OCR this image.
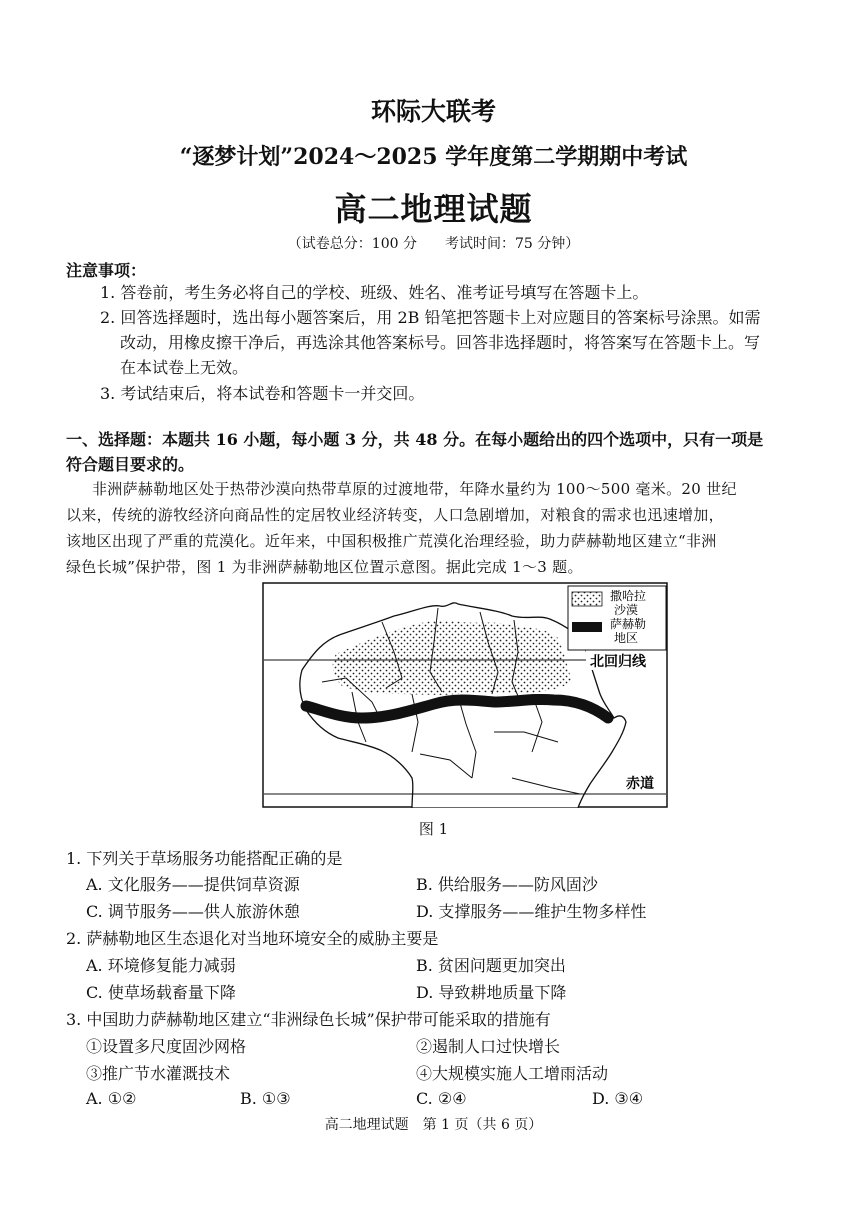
环际大联考
“逐梦计划”2024～2025 学年度第二学期期中考试
高二地理试题
（试卷总分：100 分　　考试时间：75 分钟）
注意事项：
1. 答卷前，考生务必将自己的学校、班级、姓名、准考证号填写在答题卡上。
2. 回答选择题时，选出每小题答案后，用 2B 铅笔把答题卡上对应题目的答案标号涂黑。如需
改动，用橡皮擦干净后，再选涂其他答案标号。回答非选择题时，将答案写在答题卡上。写
在本试卷上无效。
3. 考试结束后，将本试卷和答题卡一并交回。
一、选择题：本题共 16 小题，每小题 3 分，共 48 分。在每小题给出的四个选项中，只有一项是
符合题目要求的。
非洲萨赫勒地区处于热带沙漠向热带草原的过渡地带，年降水量约为 100～500 毫米。20 世纪
以来，传统的游牧经济向商品性的定居牧业经济转变，人口急剧增加，对粮食的需求也迅速增加，
该地区出现了严重的荒漠化。近年来，中国积极推广荒漠化治理经验，助力萨赫勒地区建立“非洲
绿色长城”保护带，图 1 为非洲萨赫勒地区位置示意图。据此完成 1～3 题。
北回归线
赤道
撒哈拉
沙漠
萨赫勒
地区
图 1
1. 下列关于草场服务功能搭配正确的是
A. 文化服务——提供饲草资源	B. 供给服务——防风固沙
C. 调节服务——供人旅游休憩	D. 支撑服务——维护生物多样性
2. 萨赫勒地区生态退化对当地环境安全的威胁主要是
A. 环境修复能力减弱	B. 贫困问题更加突出
C. 使草场载畜量下降	D. 导致耕地质量下降
3. 中国助力萨赫勒地区建立“非洲绿色长城”保护带可能采取的措施有
①设置多尺度固沙网格	②遏制人口过快增长
③推广节水灌溉技术	④大规模实施人工增雨活动
A. ①②	B. ①③	C. ②④	D. ③④
高二地理试题　第 1 页（共 6 页）
